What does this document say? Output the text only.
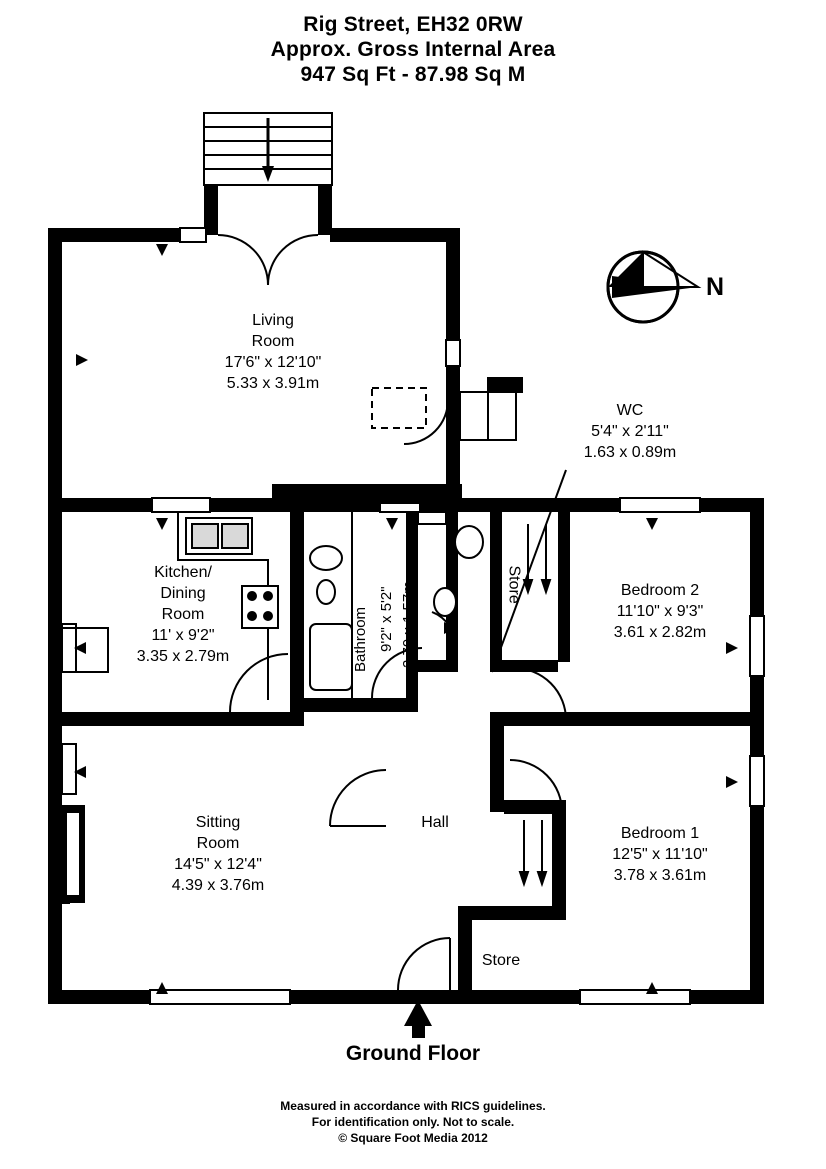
Rig Street, EH32 0RW
Approx. Gross Internal Area
947 Sq Ft - 87.98 Sq M
N
Living
Room
17'6" x 12'10"
5.33 x 3.91m
Kitchen/
Dining
Room
11' x 9'2"
3.35 x 2.79m
Sitting
Room
14'5" x 12'4"
4.39 x 3.76m
Bedroom 2
11'10" x 9'3"
3.61 x 2.82m
Bedroom 1
12'5" x 11'10"
3.78 x 3.61m
WC
5'4" x 2'11"
1.63 x 0.89m
Hall
Store
Store
Bathroom 9'2" x 5'2" 2.79 x 1.57m
Ground Floor
Measured in accordance with RICS guidelines.
For identification only. Not to scale.
© Square Foot Media 2012
